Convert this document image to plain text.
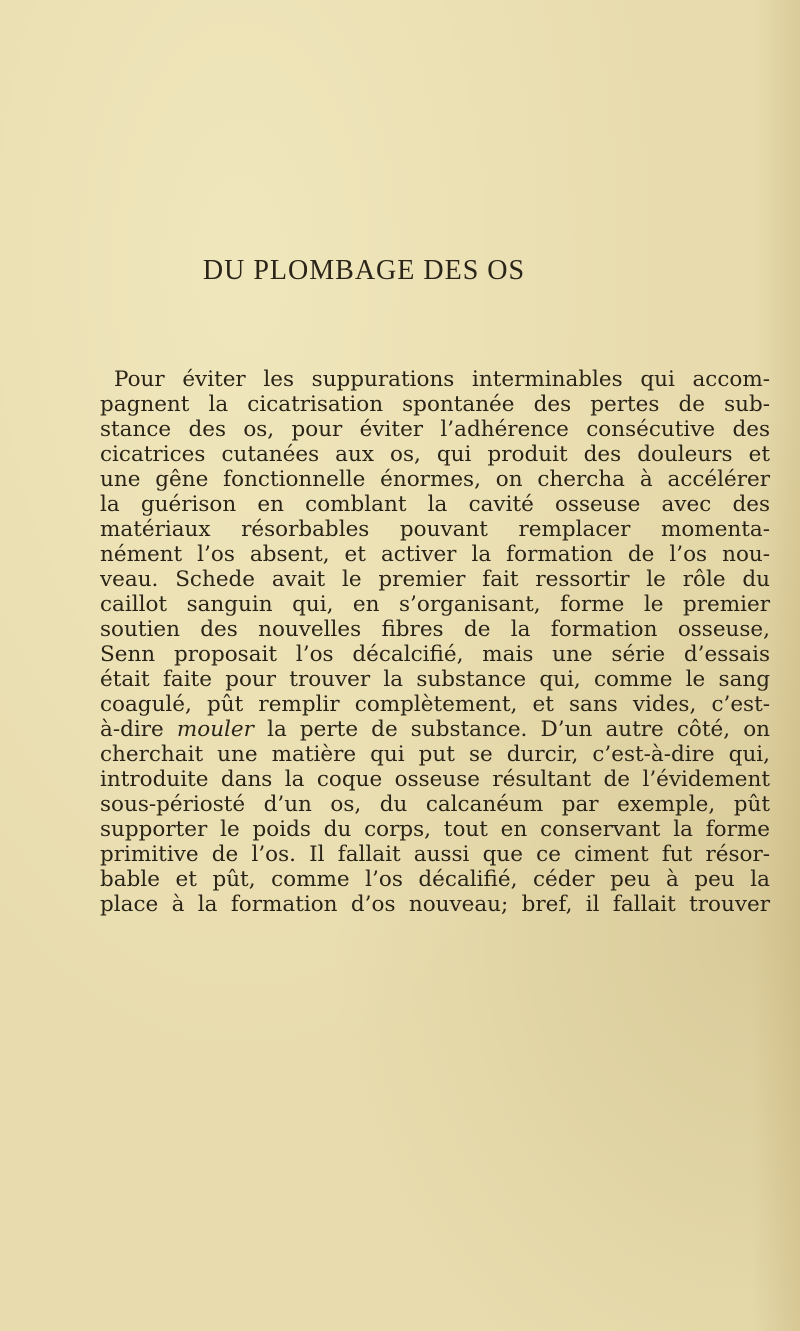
DU PLOMBAGE DES OS
Pour éviter les suppurations interminables qui accom-
pagnent la cicatrisation spontanée des pertes de sub-
stance des os, pour éviter l’adhérence consécutive des
cicatrices cutanées aux os, qui produit des douleurs et
une gêne fonctionnelle énormes, on chercha à accélérer
la guérison en comblant la cavité osseuse avec des
matériaux résorbables pouvant remplacer momenta-
nément l’os absent, et activer la formation de l’os nou-
veau. Schede avait le premier fait ressortir le rôle du
caillot sanguin qui, en s’organisant, forme le premier
soutien des nouvelles fibres de la formation osseuse,
Senn proposait l’os décalcifié, mais une série d’essais
était faite pour trouver la substance qui, comme le sang
coagulé, pût remplir complètement, et sans vides, c’est-
à-dire mouler la perte de substance. D’un autre côté, on
cherchait une matière qui put se durcir, c’est-à-dire qui,
introduite dans la coque osseuse résultant de l’évidement
sous-périosté d’un os, du calcanéum par exemple, pût
supporter le poids du corps, tout en conservant la forme
primitive de l’os. Il fallait aussi que ce ciment fut résor-
bable et pût, comme l’os décalifié, céder peu à peu la
place à la formation d’os nouveau; bref, il fallait trouver
